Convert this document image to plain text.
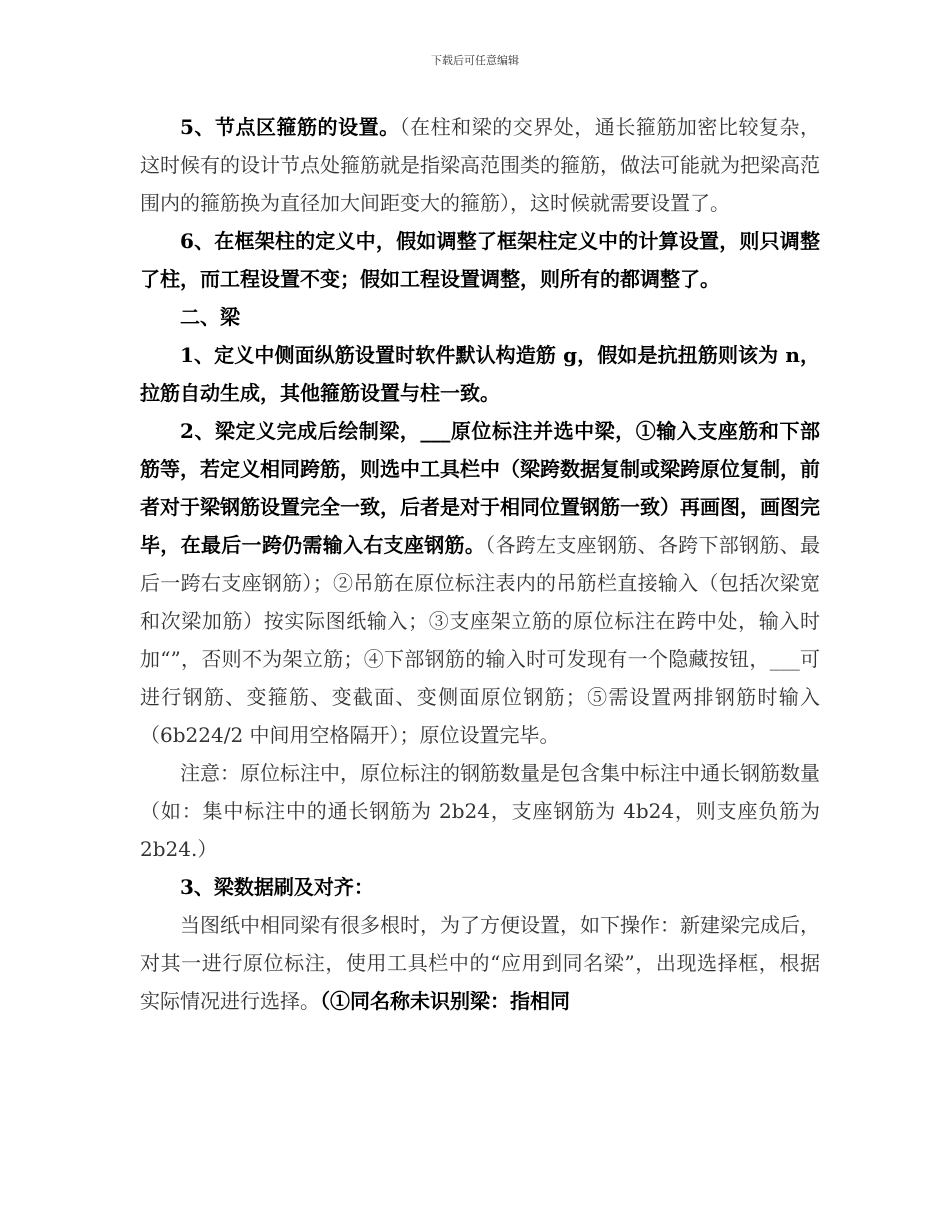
下载后可任意编辑

5、节点区箍筋的设置。（在柱和梁的交界处，通长箍筋加密比较复杂，这时候有的设计节点处箍筋就是指梁高范围类的箍筋，做法可能就为把梁高范围内的箍筋换为直径加大间距变大的箍筋），这时候就需要设置了。

6、在框架柱的定义中，假如调整了框架柱定义中的计算设置，则只调整了柱，而工程设置不变；假如工程设置调整，则所有的都调整了。

二、梁

1、定义中侧面纵筋设置时软件默认构造筋 g，假如是抗扭筋则该为 n，拉筋自动生成，其他箍筋设置与柱一致。

2、梁定义完成后绘制梁，___原位标注并选中梁，①输入支座筋和下部筋等，若定义相同跨筋，则选中工具栏中（梁跨数据复制或梁跨原位复制，前者对于梁钢筋设置完全一致，后者是对于相同位置钢筋一致）再画图，画图完毕，在最后一跨仍需输入右支座钢筋。（各跨左支座钢筋、各跨下部钢筋、最后一跨右支座钢筋）；②吊筋在原位标注表内的吊筋栏直接输入（包括次梁宽和次梁加筋）按实际图纸输入；③支座架立筋的原位标注在跨中处，输入时加“”，否则不为架立筋；④下部钢筋的输入时可发现有一个隐藏按钮，___可进行钢筋、变箍筋、变截面、变侧面原位钢筋；⑤需设置两排钢筋时输入（6b224/2 中间用空格隔开）；原位设置完毕。

注意：原位标注中，原位标注的钢筋数量是包含集中标注中通长钢筋数量（如：集中标注中的通长钢筋为 2b24，支座钢筋为 4b24，则支座负筋为 2b24.）

3、梁数据刷及对齐：

当图纸中相同梁有很多根时，为了方便设置，如下操作：新建梁完成后，对其一进行原位标注，使用工具栏中的“应用到同名梁”，出现选择框，根据实际情况进行选择。（①同名称未识别梁：指相同
